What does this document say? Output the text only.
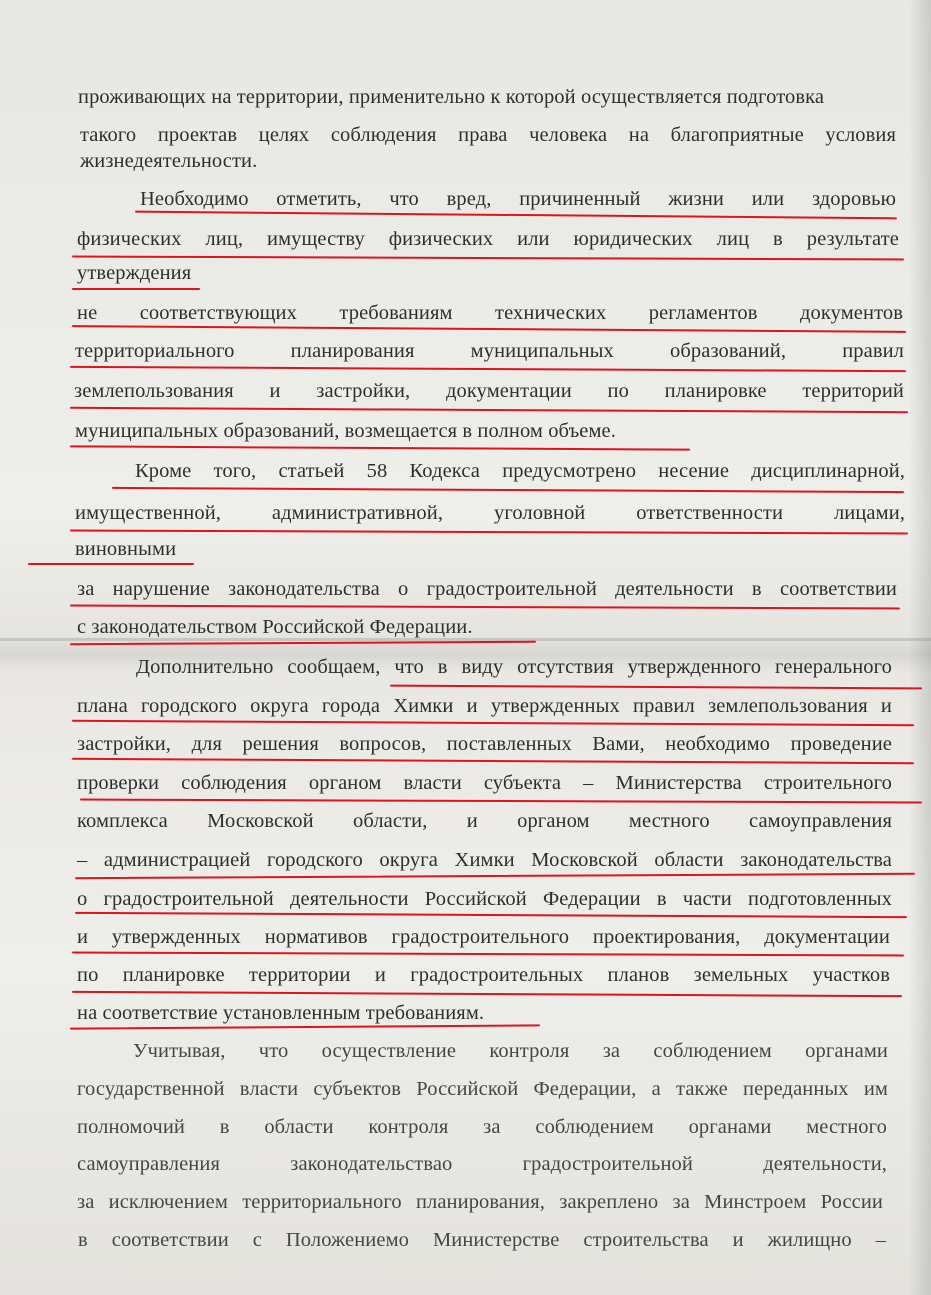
проживающих на территории, применительно к которой осуществляется подготовка

такого проектав целях соблюдения права человека на благоприятные условия

жизнедеятельности.

Необходимо отметить, что вред, причиненный жизни или здоровью

физических лиц, имуществу физических или юридических лиц в результате

утверждения

не соответствующих требованиям технических регламентов документов

территориального планирования муниципальных образований, правил

землепользования и застройки, документации по планировке территорий

муниципальных образований, возмещается в полном объеме.

Кроме того, статьей 58 Кодекса предусмотрено несение дисциплинарной,

имущественной, административной, уголовной ответственности лицами,

виновными

за нарушение законодательства о градостроительной деятельности в соответствии

с законодательством Российской Федерации.

Дополнительно сообщаем, что в виду отсутствия утвержденного генерального

плана городского округа города Химки и утвержденных правил землепользования и

застройки, для решения вопросов, поставленных Вами, необходимо проведение

проверки соблюдения органом власти субъекта – Министерства строительного

комплекса Московской области, и органом местного самоуправления

– администрацией городского округа Химки Московской области законодательства

о градостроительной деятельности Российской Федерации в части подготовленных

и утвержденных нормативов градостроительного проектирования, документации

по планировке территории и градостроительных планов земельных участков

на соответствие установленным требованиям.

Учитывая, что осуществление контроля за соблюдением органами

государственной власти субъектов Российской Федерации, а также переданных им

полномочий в области контроля за соблюдением органами местного

самоуправления законодательствао градостроительной деятельности,

за исключением территориального планирования, закреплено за Минстроем России

в соответствии с Положениемо Министерстве строительства и жилищно –
